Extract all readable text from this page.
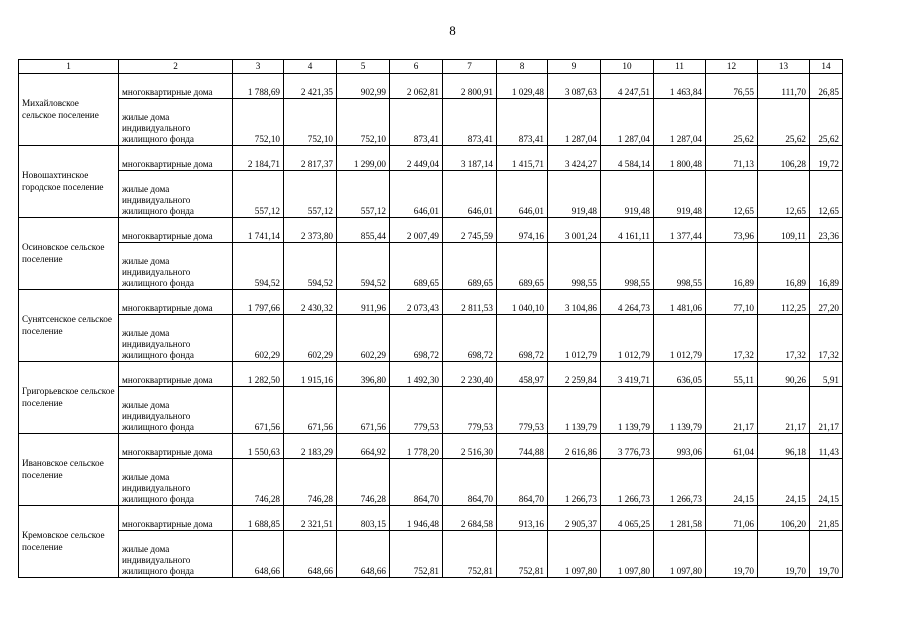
8
1	2	3	4	5	6	7	8	9	10	11	12	13	14
Михайловское сельское поселение	многоквартирные дома	1 788,69	2 421,35	902,99	2 062,81	2 800,91	1 029,48	3 087,63	4 247,51	1 463,84	76,55	111,70	26,85
	жилые дома индивидуального жилищного фонда	752,10	752,10	752,10	873,41	873,41	873,41	1 287,04	1 287,04	1 287,04	25,62	25,62	25,62
Новошахтинское городское поселение	многоквартирные дома	2 184,71	2 817,37	1 299,00	2 449,04	3 187,14	1 415,71	3 424,27	4 584,14	1 800,48	71,13	106,28	19,72
	жилые дома индивидуального жилищного фонда	557,12	557,12	557,12	646,01	646,01	646,01	919,48	919,48	919,48	12,65	12,65	12,65
Осиновское сельское поселение	многоквартирные дома	1 741,14	2 373,80	855,44	2 007,49	2 745,59	974,16	3 001,24	4 161,11	1 377,44	73,96	109,11	23,36
	жилые дома индивидуального жилищного фонда	594,52	594,52	594,52	689,65	689,65	689,65	998,55	998,55	998,55	16,89	16,89	16,89
Сунятсенское сельское поселение	многоквартирные дома	1 797,66	2 430,32	911,96	2 073,43	2 811,53	1 040,10	3 104,86	4 264,73	1 481,06	77,10	112,25	27,20
	жилые дома индивидуального жилищного фонда	602,29	602,29	602,29	698,72	698,72	698,72	1 012,79	1 012,79	1 012,79	17,32	17,32	17,32
Григорьевское сельское поселение	многоквартирные дома	1 282,50	1 915,16	396,80	1 492,30	2 230,40	458,97	2 259,84	3 419,71	636,05	55,11	90,26	5,91
	жилые дома индивидуального жилищного фонда	671,56	671,56	671,56	779,53	779,53	779,53	1 139,79	1 139,79	1 139,79	21,17	21,17	21,17
Ивановское сельское поселение	многоквартирные дома	1 550,63	2 183,29	664,92	1 778,20	2 516,30	744,88	2 616,86	3 776,73	993,06	61,04	96,18	11,43
	жилые дома индивидуального жилищного фонда	746,28	746,28	746,28	864,70	864,70	864,70	1 266,73	1 266,73	1 266,73	24,15	24,15	24,15
Кремовское сельское поселение	многоквартирные дома	1 688,85	2 321,51	803,15	1 946,48	2 684,58	913,16	2 905,37	4 065,25	1 281,58	71,06	106,20	21,85
	жилые дома индивидуального жилищного фонда	648,66	648,66	648,66	752,81	752,81	752,81	1 097,80	1 097,80	1 097,80	19,70	19,70	19,70
